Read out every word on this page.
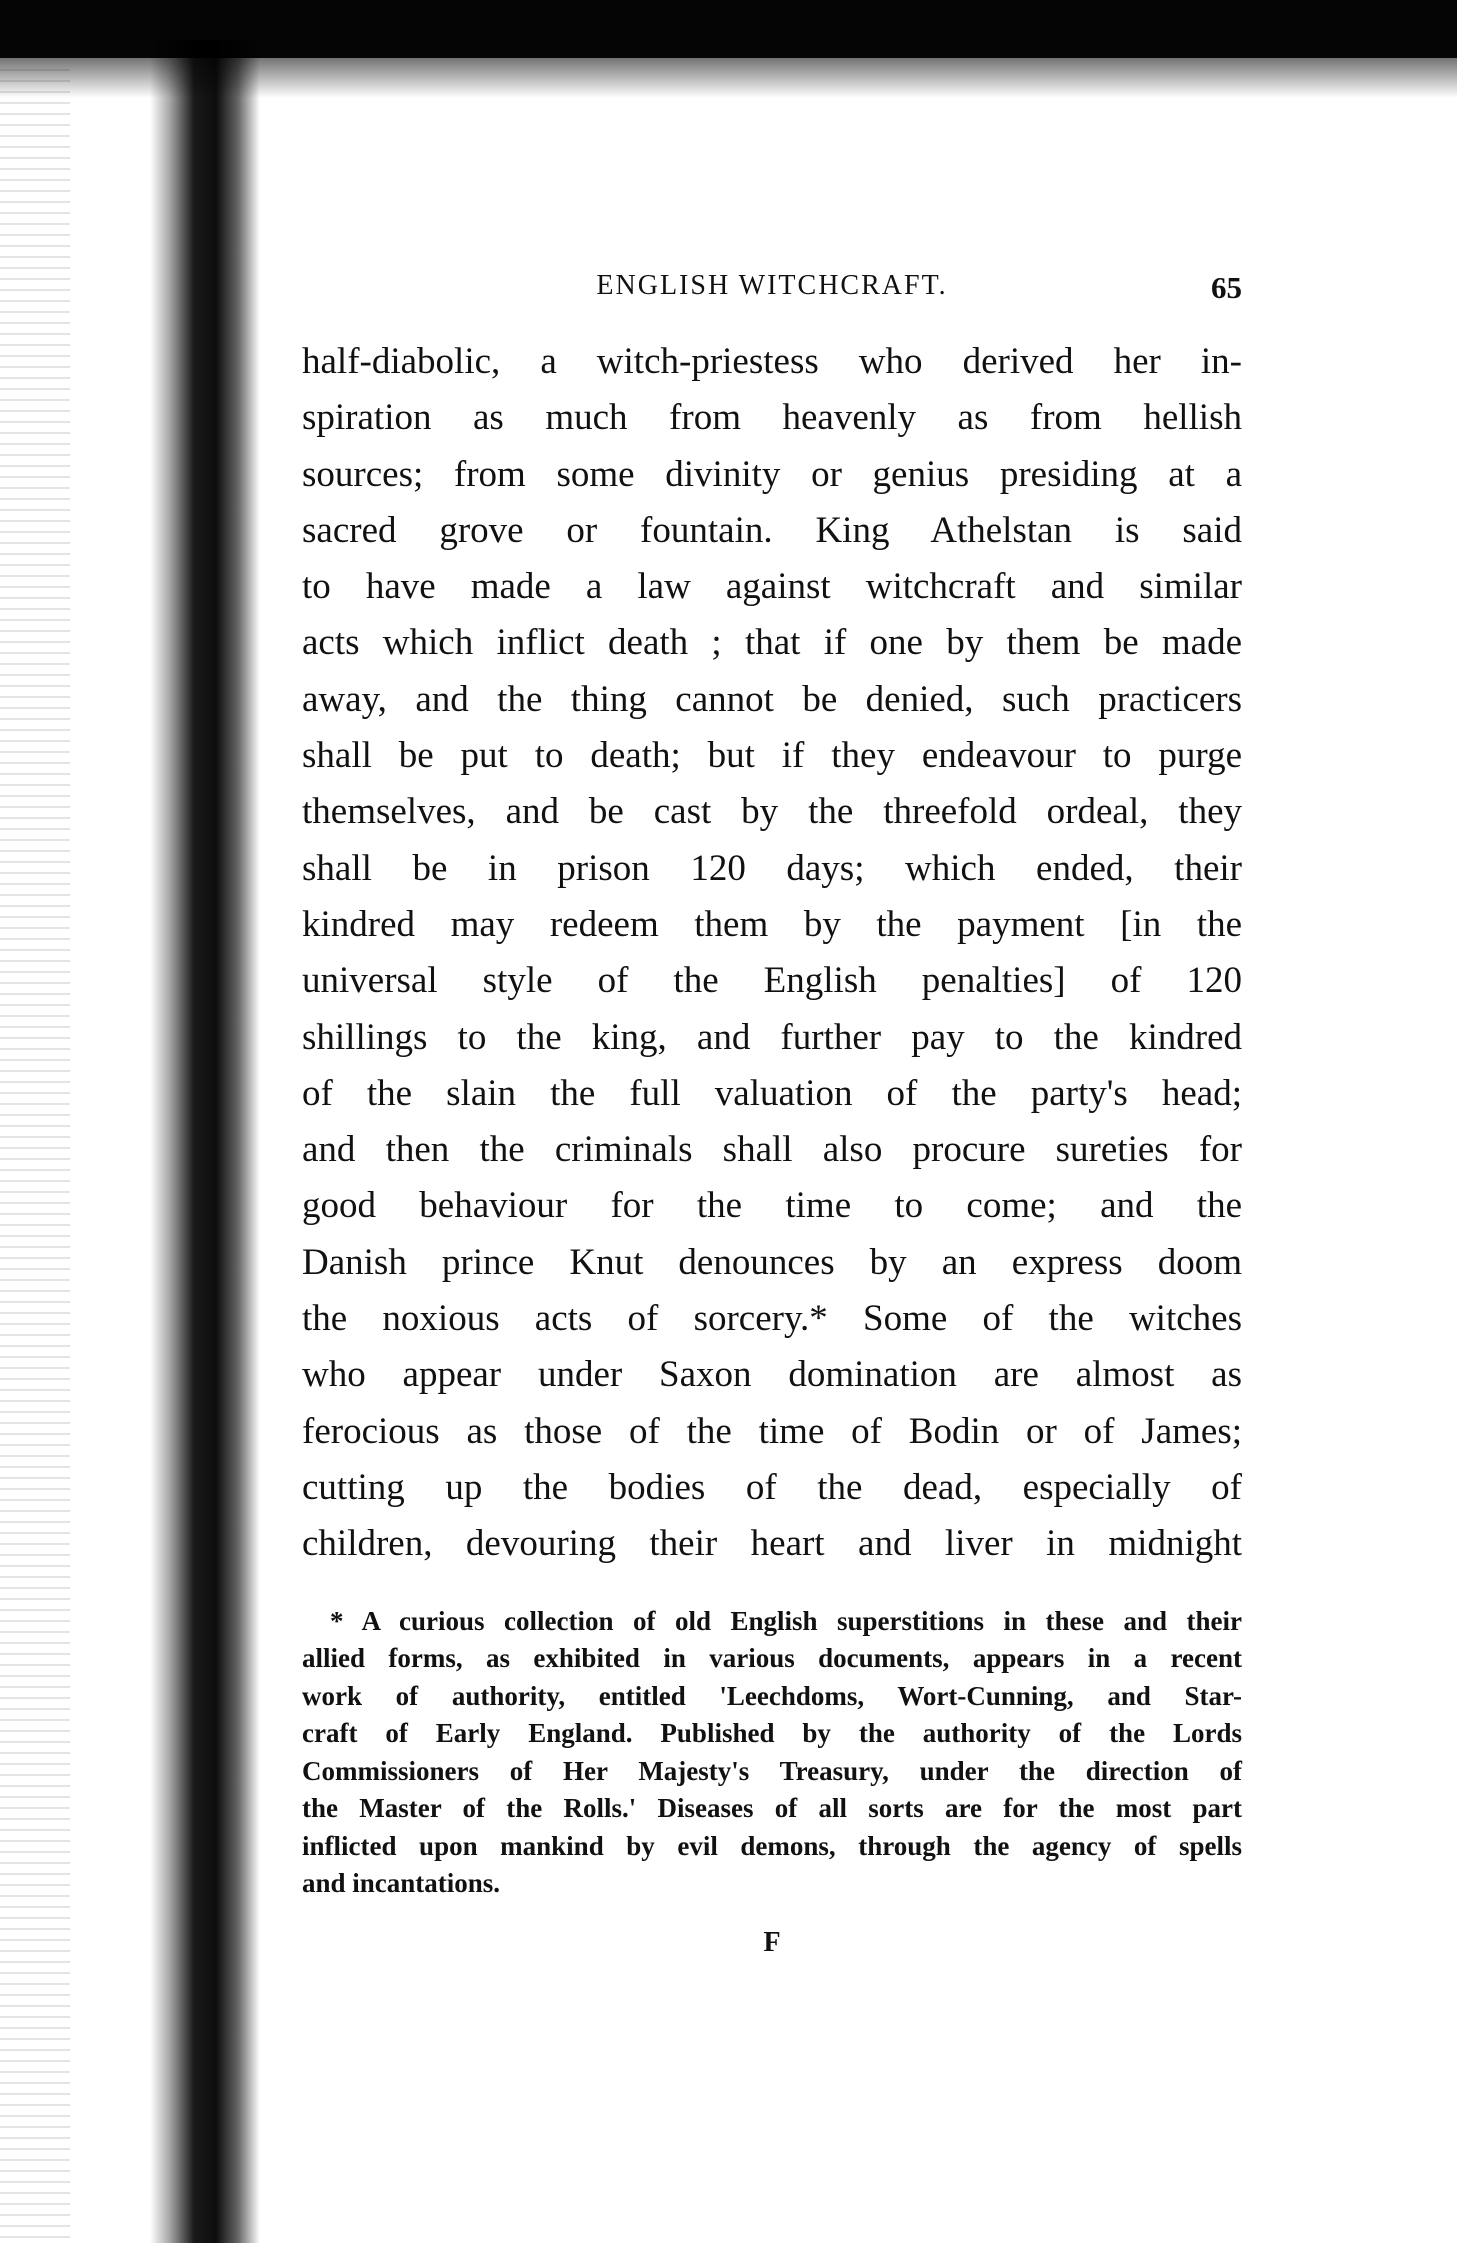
ENGLISH WITCHCRAFT.	65
half-diabolic, a witch-priestess who derived her in-
spiration as much from heavenly as from hellish
sources; from some divinity or genius presiding at a
sacred grove or fountain. King Athelstan is said
to have made a law against witchcraft and similar
acts which inflict death ; that if one by them be made
away, and the thing cannot be denied, such practicers
shall be put to death; but if they endeavour to purge
themselves, and be cast by the threefold ordeal, they
shall be in prison 120 days; which ended, their
kindred may redeem them by the payment [in the
universal style of the English penalties] of 120
shillings to the king, and further pay to the kindred
of the slain the full valuation of the party's head;
and then the criminals shall also procure sureties for
good behaviour for the time to come; and the
Danish prince Knut denounces by an express doom
the noxious acts of sorcery.* Some of the witches
who appear under Saxon domination are almost as
ferocious as those of the time of Bodin or of James;
cutting up the bodies of the dead, especially of
children, devouring their heart and liver in midnight
* A curious collection of old English superstitions in these and their
allied forms, as exhibited in various documents, appears in a recent
work of authority, entitled 'Leechdoms, Wort-Cunning, and Star-
craft of Early England. Published by the authority of the Lords
Commissioners of Her Majesty's Treasury, under the direction of
the Master of the Rolls.' Diseases of all sorts are for the most part
inflicted upon mankind by evil demons, through the agency of spells
and incantations.
F
